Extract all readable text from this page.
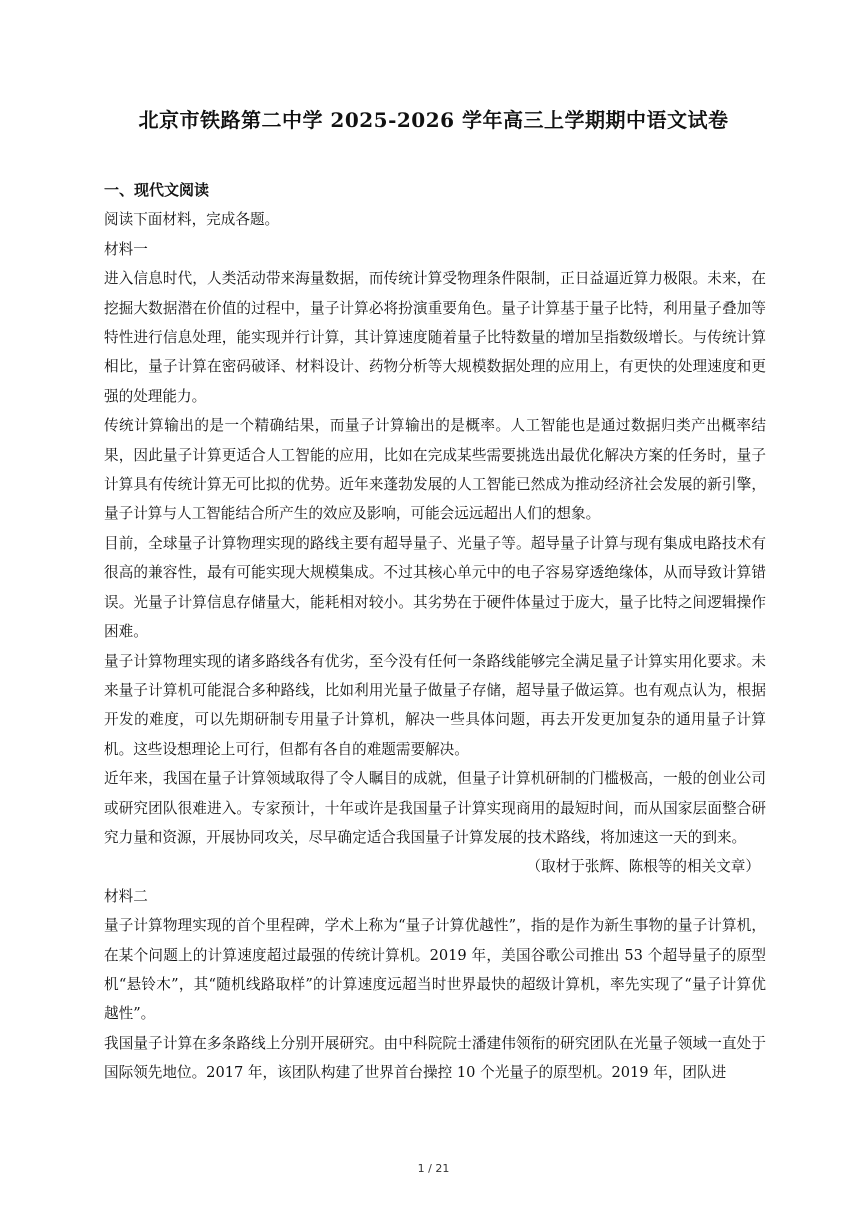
北京市铁路第二中学 2025-2026 学年高三上学期期中语文试卷
一、现代文阅读
阅读下面材料，完成各题。
材料一

进入信息时代，人类活动带来海量数据，而传统计算受物理条件限制，正日益逼近算力极限。未来，在挖掘大数据潜在价值的过程中，量子计算必将扮演重要角色。量子计算基于量子比特，利用量子叠加等特性进行信息处理，能实现并行计算，其计算速度随着量子比特数量的增加呈指数级增长。与传统计算相比，量子计算在密码破译、材料设计、药物分析等大规模数据处理的应用上，有更快的处理速度和更强的处理能力。

传统计算输出的是一个精确结果，而量子计算输出的是概率。人工智能也是通过数据归类产出概率结果，因此量子计算更适合人工智能的应用，比如在完成某些需要挑选出最优化解决方案的任务时，量子计算具有传统计算无可比拟的优势。近年来蓬勃发展的人工智能已然成为推动经济社会发展的新引擎，量子计算与人工智能结合所产生的效应及影响，可能会远远超出人们的想象。

目前，全球量子计算物理实现的路线主要有超导量子、光量子等。超导量子计算与现有集成电路技术有很高的兼容性，最有可能实现大规模集成。不过其核心单元中的电子容易穿透绝缘体，从而导致计算错误。光量子计算信息存储量大，能耗相对较小。其劣势在于硬件体量过于庞大，量子比特之间逻辑操作困难。

量子计算物理实现的诸多路线各有优劣，至今没有任何一条路线能够完全满足量子计算实用化要求。未来量子计算机可能混合多种路线，比如利用光量子做量子存储，超导量子做运算。也有观点认为，根据开发的难度，可以先期研制专用量子计算机，解决一些具体问题，再去开发更加复杂的通用量子计算机。这些设想理论上可行，但都有各自的难题需要解决。

近年来，我国在量子计算领域取得了令人瞩目的成就，但量子计算机研制的门槛极高，一般的创业公司或研究团队很难进入。专家预计，十年或许是我国量子计算实现商用的最短时间，而从国家层面整合研究力量和资源，开展协同攻关，尽早确定适合我国量子计算发展的技术路线，将加速这一天的到来。

（取材于张辉、陈根等的相关文章）
材料二

量子计算物理实现的首个里程碑，学术上称为“量子计算优越性”，指的是作为新生事物的量子计算机，在某个问题上的计算速度超过最强的传统计算机。2019 年，美国谷歌公司推出 53 个超导量子的原型机“悬铃木”，其“随机线路取样”的计算速度远超当时世界最快的超级计算机，率先实现了“量子计算优越性”。

我国量子计算在多条路线上分别开展研究。由中科院院士潘建伟领衔的研究团队在光量子领域一直处于国际领先地位。2017 年，该团队构建了世界首台操控 10 个光量子的原型机。2019 年，团队进

1 / 21
